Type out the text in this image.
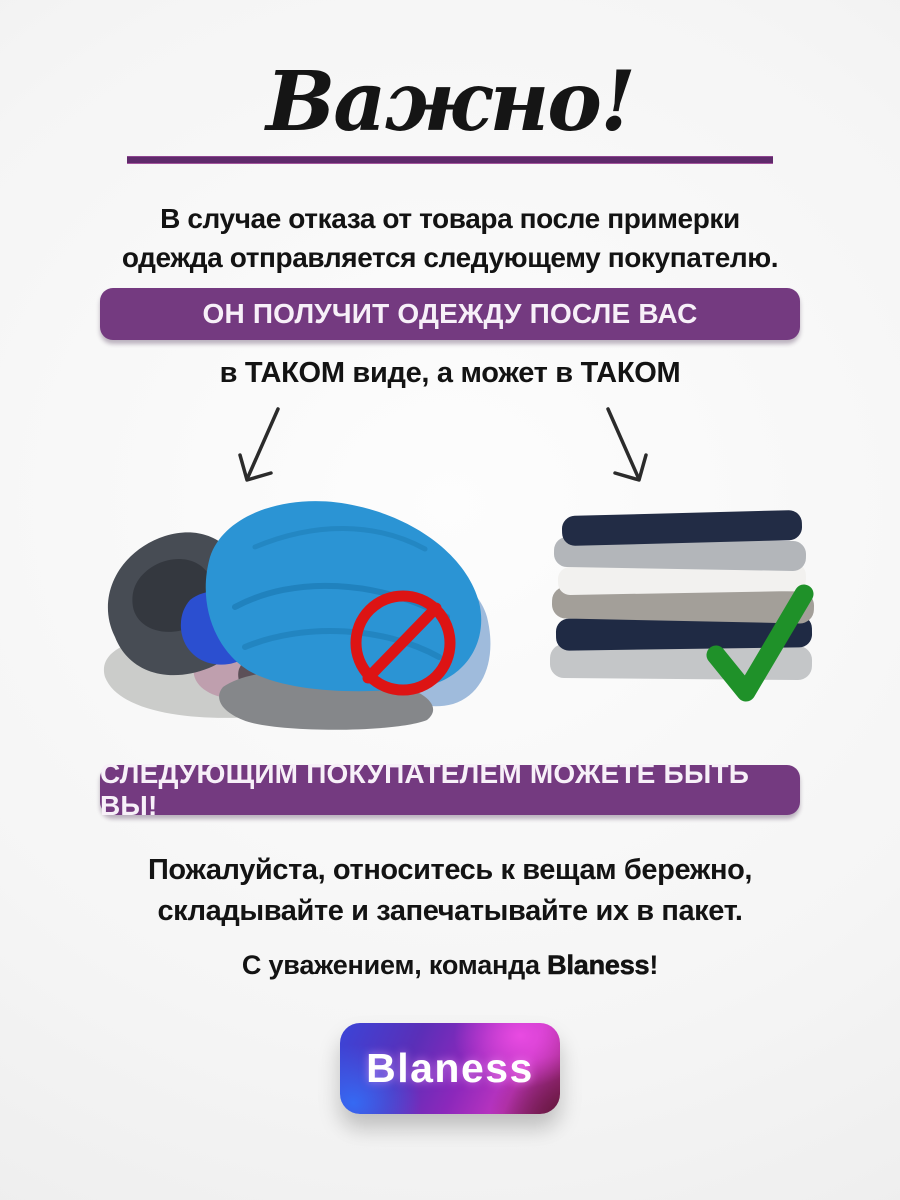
Важно!
В случае отказа от товара после примерки
одежда отправляется следующему покупателю.
ОН ПОЛУЧИТ ОДЕЖДУ ПОСЛЕ ВАС
в ТАКОМ виде, а может в ТАКОМ
СЛЕДУЮЩИМ ПОКУПАТЕЛЕМ МОЖЕТЕ БЫТЬ ВЫ!
Пожалуйста, относитесь к вещам бережно,
складывайте и запечатывайте их в пакет.
С уважением, команда Blaness!
Blaness
